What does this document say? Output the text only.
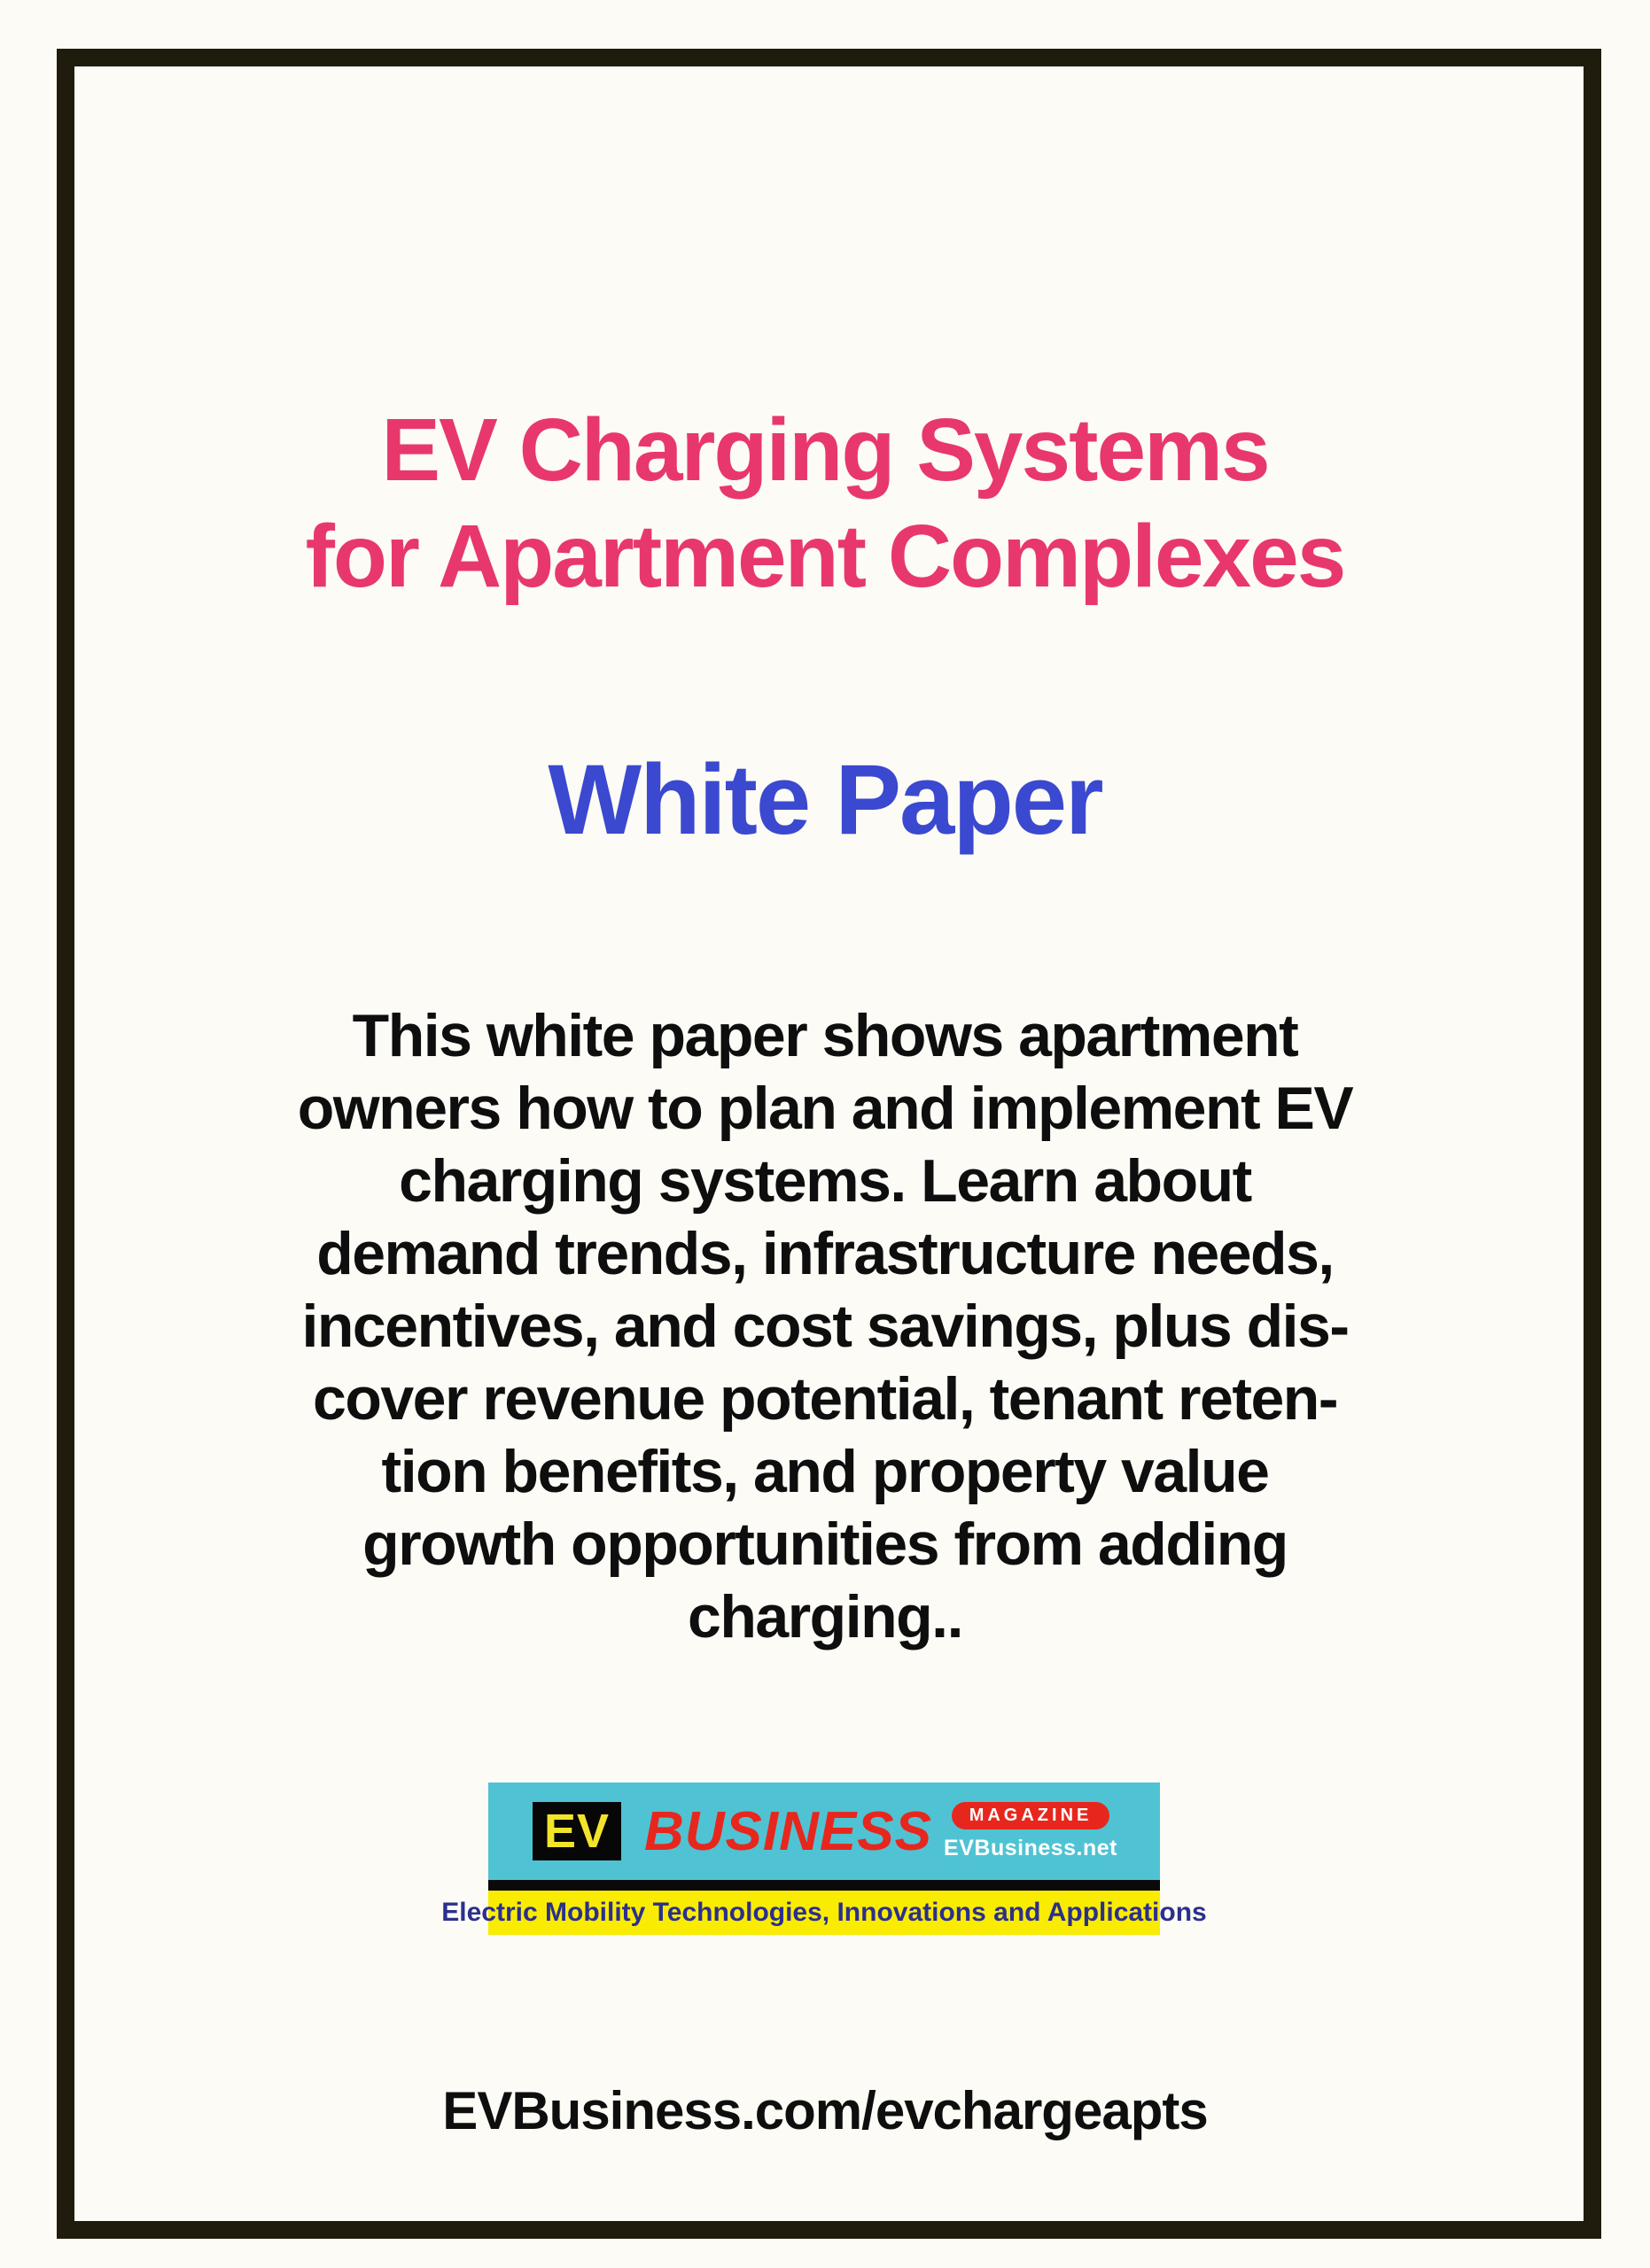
EV Charging Systems
for Apartment Complexes
White Paper
This white paper shows apartment
owners how to plan and implement EV
charging systems. Learn about
demand trends, infrastructure needs,
incentives, and cost savings, plus dis-
cover revenue potential, tenant reten-
tion benefits, and property value
growth opportunities from adding
charging..
EV BUSINESS	MAGAZINE
EVBusiness.net
Electric Mobility Technologies, Innovations and Applications
EVBusiness.com/evchargeapts
